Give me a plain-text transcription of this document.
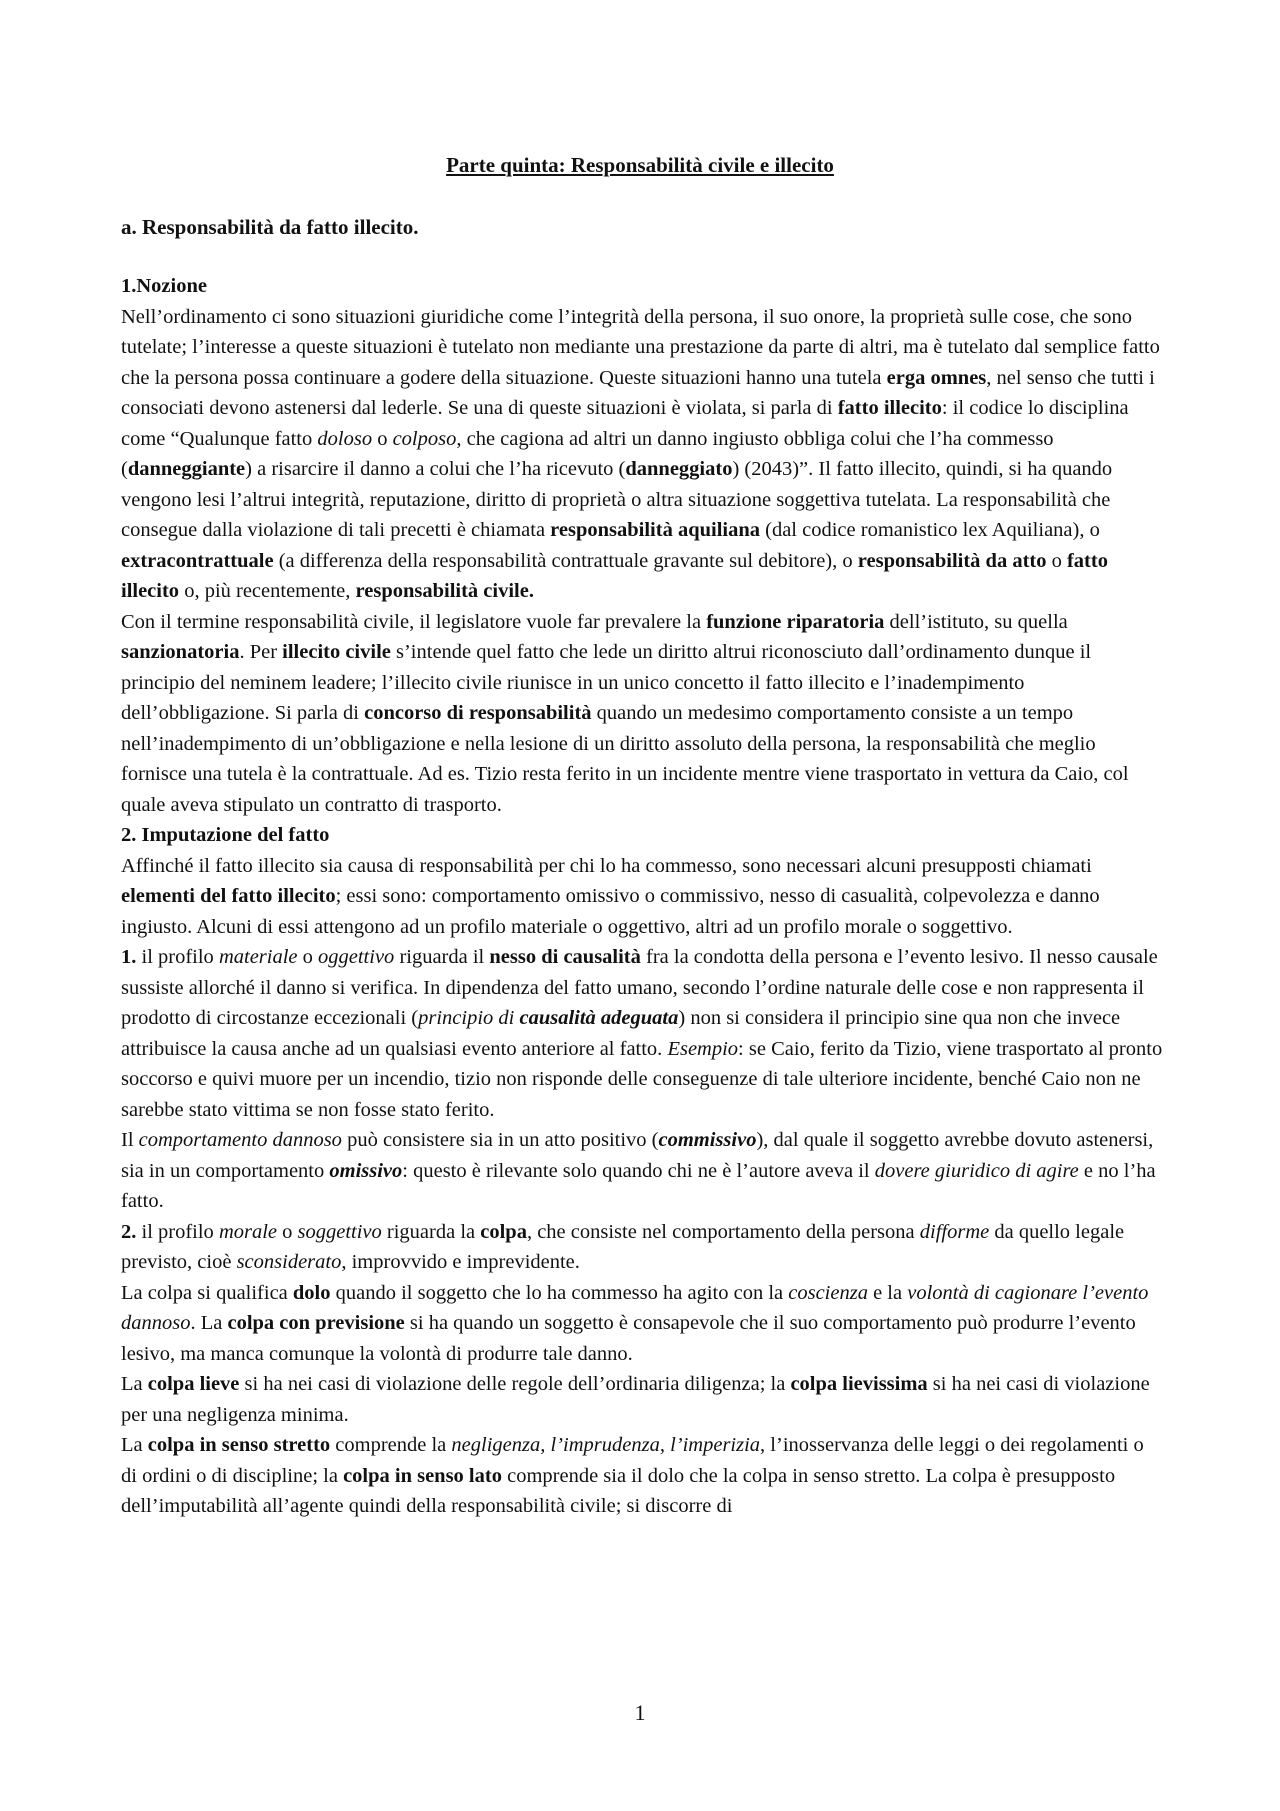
Parte quinta: Responsabilità civile e illecito
a. Responsabilità da fatto illecito.

1.Nozione

Nell’ordinamento ci sono situazioni giuridiche come l’integrità della persona, il suo onore, la proprietà sulle cose, che sono tutelate; l’interesse a queste situazioni è tutelato non mediante una prestazione da parte di altri, ma è tutelato dal semplice fatto che la persona possa continuare a godere della situazione. Queste situazioni hanno una tutela erga omnes, nel senso che tutti i consociati devono astenersi dal lederle. Se una di queste situazioni è violata, si parla di fatto illecito: il codice lo disciplina come “Qualunque fatto doloso o colposo, che cagiona ad altri un danno ingiusto obbliga colui che l’ha commesso (danneggiante) a risarcire il danno a colui che l’ha ricevuto (danneggiato) (2043)”. Il fatto illecito, quindi, si ha quando vengono lesi l’altrui integrità, reputazione, diritto di proprietà o altra situazione soggettiva tutelata. La responsabilità che consegue dalla violazione di tali precetti è chiamata responsabilità aquiliana (dal codice romanistico lex Aquiliana), o extracontrattuale (a differenza della responsabilità contrattuale gravante sul debitore), o responsabilità da atto o fatto illecito o, più recentemente, responsabilità civile.

Con il termine responsabilità civile, il legislatore vuole far prevalere la funzione riparatoria dell’istituto, su quella sanzionatoria. Per illecito civile s’intende quel fatto che lede un diritto altrui riconosciuto dall’ordinamento dunque il principio del neminem leadere; l’illecito civile riunisce in un unico concetto il fatto illecito e l’inadempimento dell’obbligazione. Si parla di concorso di responsabilità quando un medesimo comportamento consiste a un tempo nell’inadempimento di un’obbligazione e nella lesione di un diritto assoluto della persona, la responsabilità che meglio fornisce una tutela è la contrattuale. Ad es. Tizio resta ferito in un incidente mentre viene trasportato in vettura da Caio, col quale aveva stipulato un contratto di trasporto.

2. Imputazione del fatto

Affinché il fatto illecito sia causa di responsabilità per chi lo ha commesso, sono necessari alcuni presupposti chiamati elementi del fatto illecito; essi sono: comportamento omissivo o commissivo, nesso di casualità, colpevolezza e danno ingiusto. Alcuni di essi attengono ad un profilo materiale o oggettivo, altri ad un profilo morale o soggettivo.

1. il profilo materiale o oggettivo riguarda il nesso di causalità fra la condotta della persona e l’evento lesivo. Il nesso causale sussiste allorché il danno si verifica. In dipendenza del fatto umano, secondo l’ordine naturale delle cose e non rappresenta il prodotto di circostanze eccezionali (principio di causalità adeguata) non si considera il principio sine qua non che invece attribuisce la causa anche ad un qualsiasi evento anteriore al fatto. Esempio: se Caio, ferito da Tizio, viene trasportato al pronto soccorso e quivi muore per un incendio, tizio non risponde delle conseguenze di tale ulteriore incidente, benché Caio non ne sarebbe stato vittima se non fosse stato ferito.

Il comportamento dannoso può consistere sia in un atto positivo (commissivo), dal quale il soggetto avrebbe dovuto astenersi, sia in un comportamento omissivo: questo è rilevante solo quando chi ne è l’autore aveva il dovere giuridico di agire e no l’ha fatto.

2. il profilo morale o soggettivo riguarda la colpa, che consiste nel comportamento della persona difforme da quello legale previsto, cioè sconsiderato, improvvido e imprevidente.

La colpa si qualifica dolo quando il soggetto che lo ha commesso ha agito con la coscienza e la volontà di cagionare l’evento dannoso. La colpa con previsione si ha quando un soggetto è consapevole che il suo comportamento può produrre l’evento lesivo, ma manca comunque la volontà di produrre tale danno.

La colpa lieve si ha nei casi di violazione delle regole dell’ordinaria diligenza; la colpa lievissima si ha nei casi di violazione per una negligenza minima.

La colpa in senso stretto comprende la negligenza, l’imprudenza, l’imperizia, l’inosservanza delle leggi o dei regolamenti o di ordini o di discipline; la colpa in senso lato comprende sia il dolo che la colpa in senso stretto. La colpa è presupposto dell’imputabilità all’agente quindi della responsabilità civile; si discorre di

1
